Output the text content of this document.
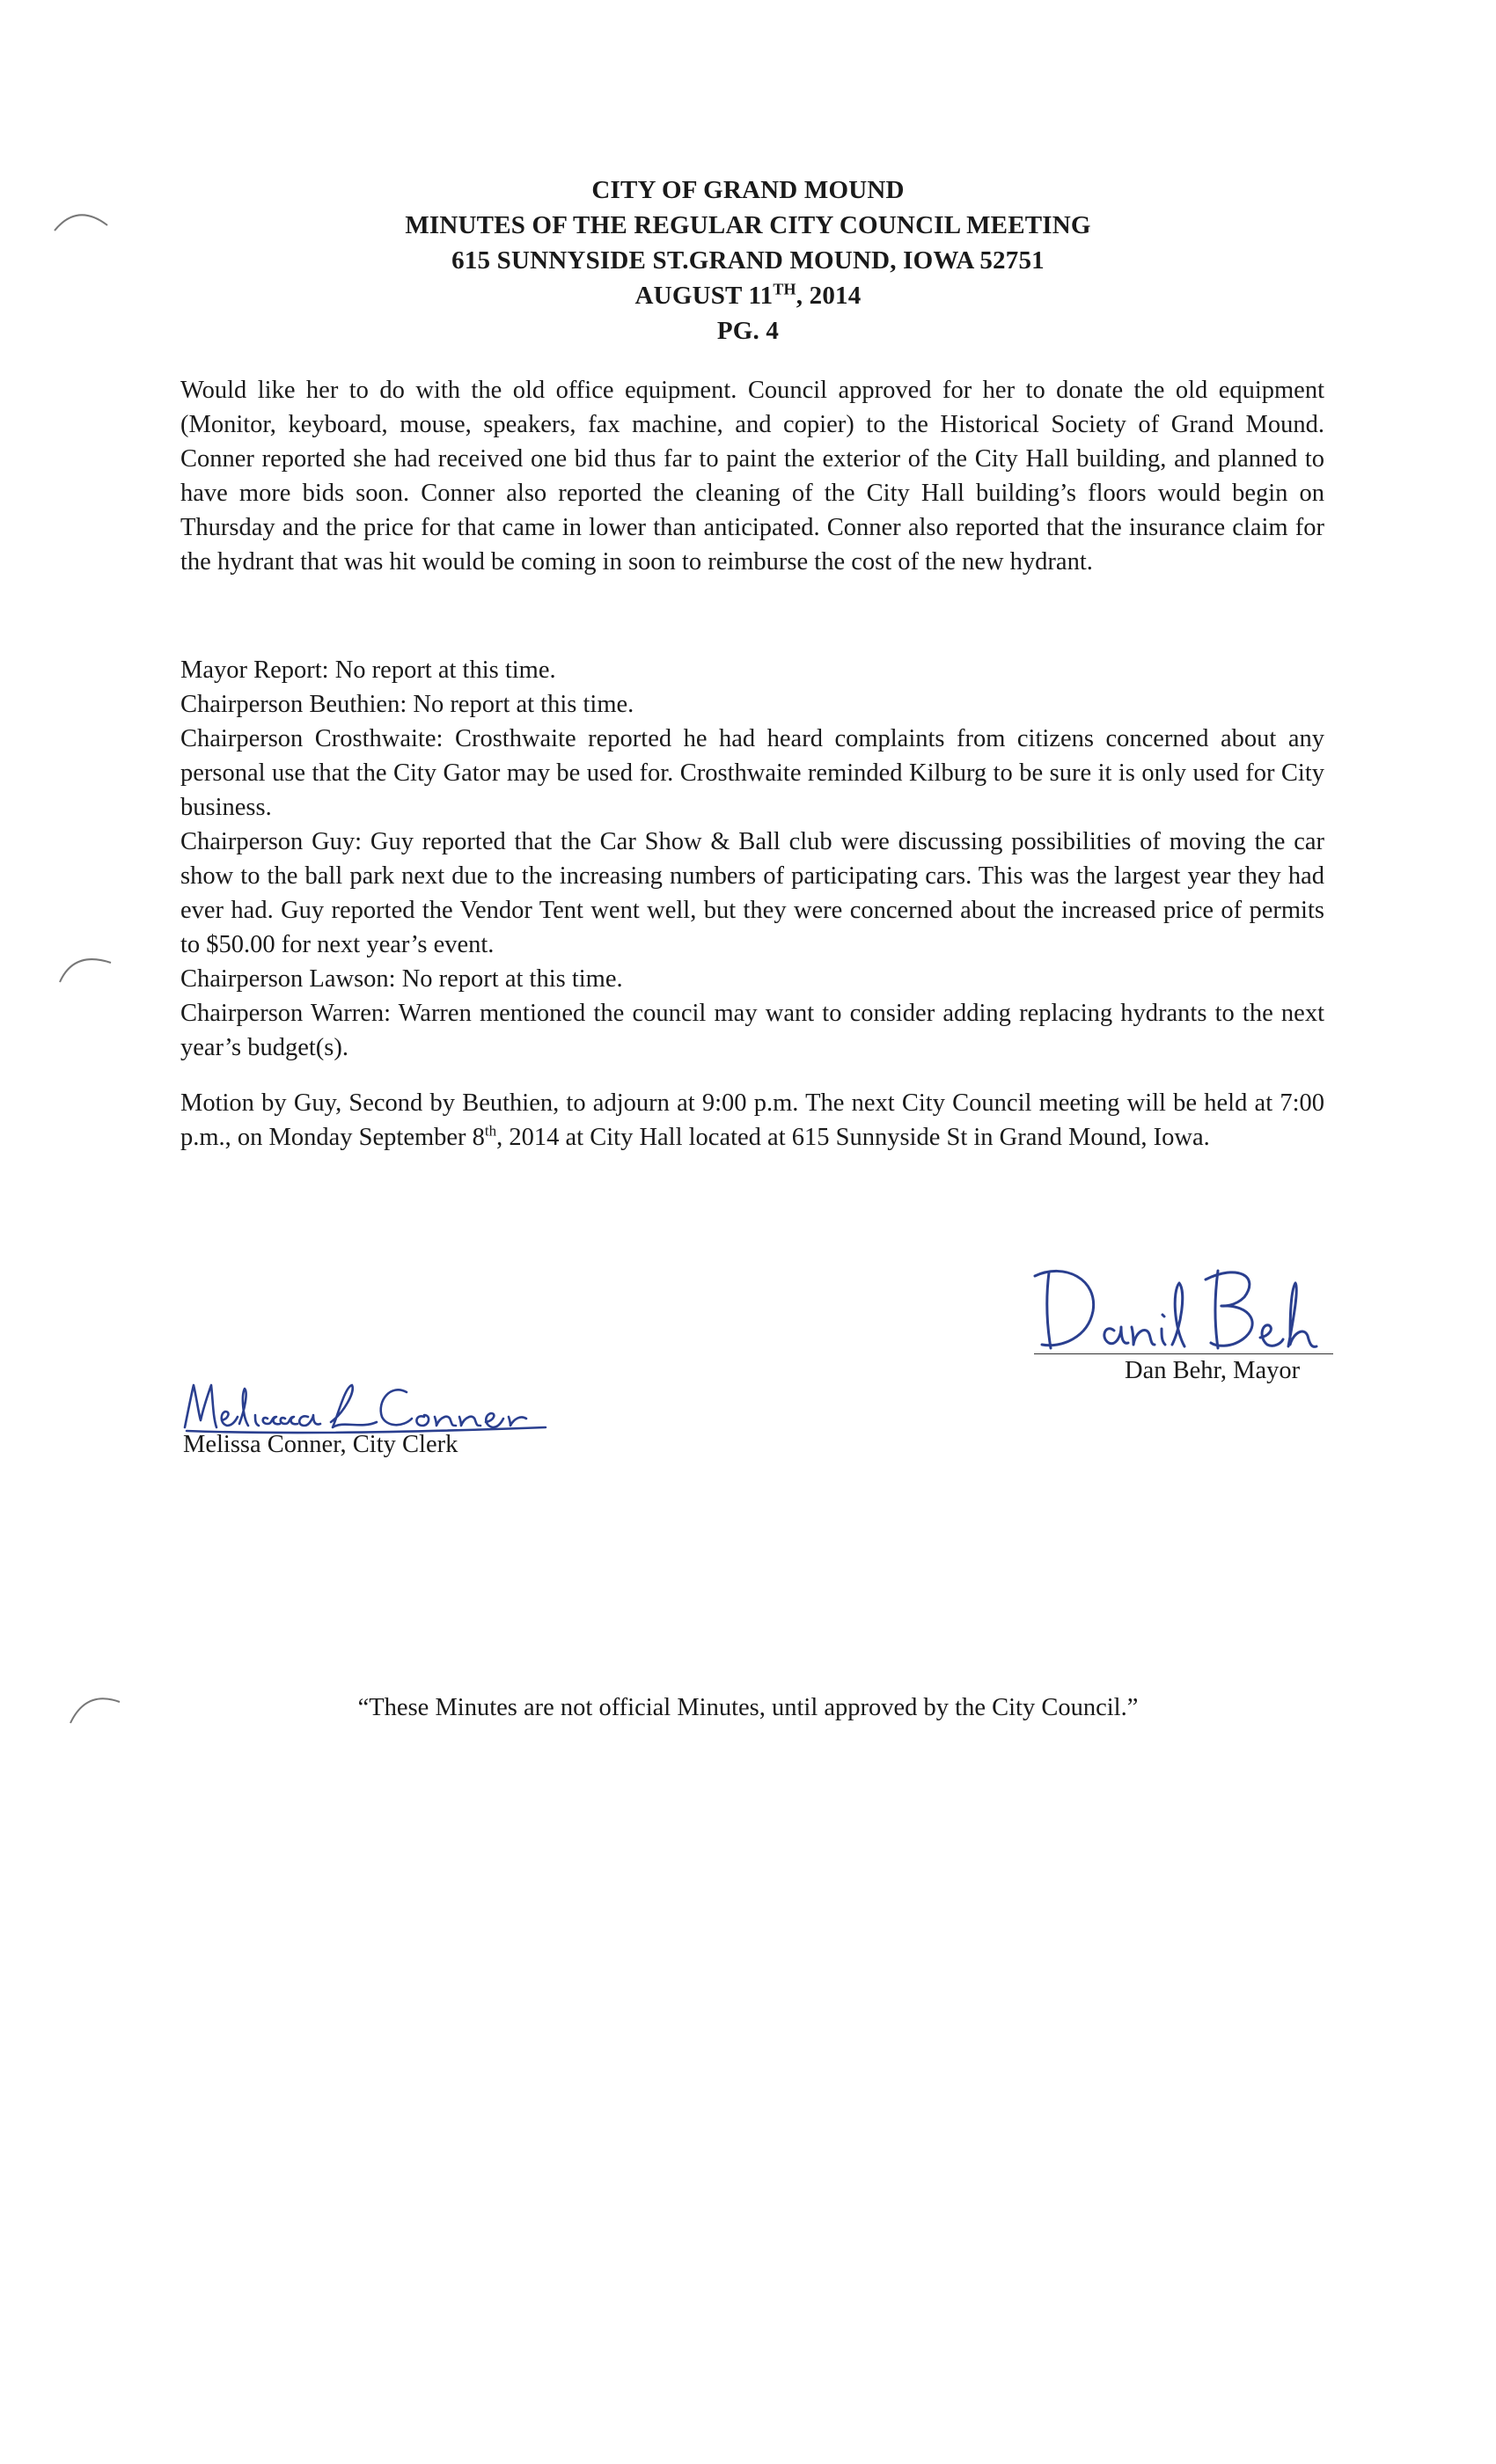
CITY OF GRAND MOUND
MINUTES OF THE REGULAR CITY COUNCIL MEETING
615 SUNNYSIDE ST.GRAND MOUND, IOWA 52751
AUGUST 11TH, 2014
PG. 4

Would like her to do with the old office equipment. Council approved for her to donate the old equipment (Monitor, keyboard, mouse, speakers, fax machine, and copier) to the Historical Society of Grand Mound. Conner reported she had received one bid thus far to paint the exterior of the City Hall building, and planned to have more bids soon. Conner also reported the cleaning of the City Hall building’s floors would begin on Thursday and the price for that came in lower than anticipated. Conner also reported that the insurance claim for the hydrant that was hit would be coming in soon to reimburse the cost of the new hydrant.

Mayor Report: No report at this time.

Chairperson Beuthien: No report at this time.

Chairperson Crosthwaite: Crosthwaite reported he had heard complaints from citizens concerned about any personal use that the City Gator may be used for. Crosthwaite reminded Kilburg to be sure it is only used for City business.

Chairperson Guy: Guy reported that the Car Show & Ball club were discussing possibilities of moving the car show to the ball park next due to the increasing numbers of participating cars. This was the largest year they had ever had. Guy reported the Vendor Tent went well, but they were concerned about the increased price of permits to $50.00 for next year’s event.

Chairperson Lawson: No report at this time.

Chairperson Warren: Warren mentioned the council may want to consider adding replacing hydrants to the next year’s budget(s).

Motion by Guy, Second by Beuthien, to adjourn at 9:00 p.m. The next City Council meeting will be held at 7:00 p.m., on Monday September 8th, 2014 at City Hall located at 615 Sunnyside St in Grand Mound, Iowa.

Dan Behr, Mayor
Melissa Conner, City Clerk
“These Minutes are not official Minutes, until approved by the City Council.”
